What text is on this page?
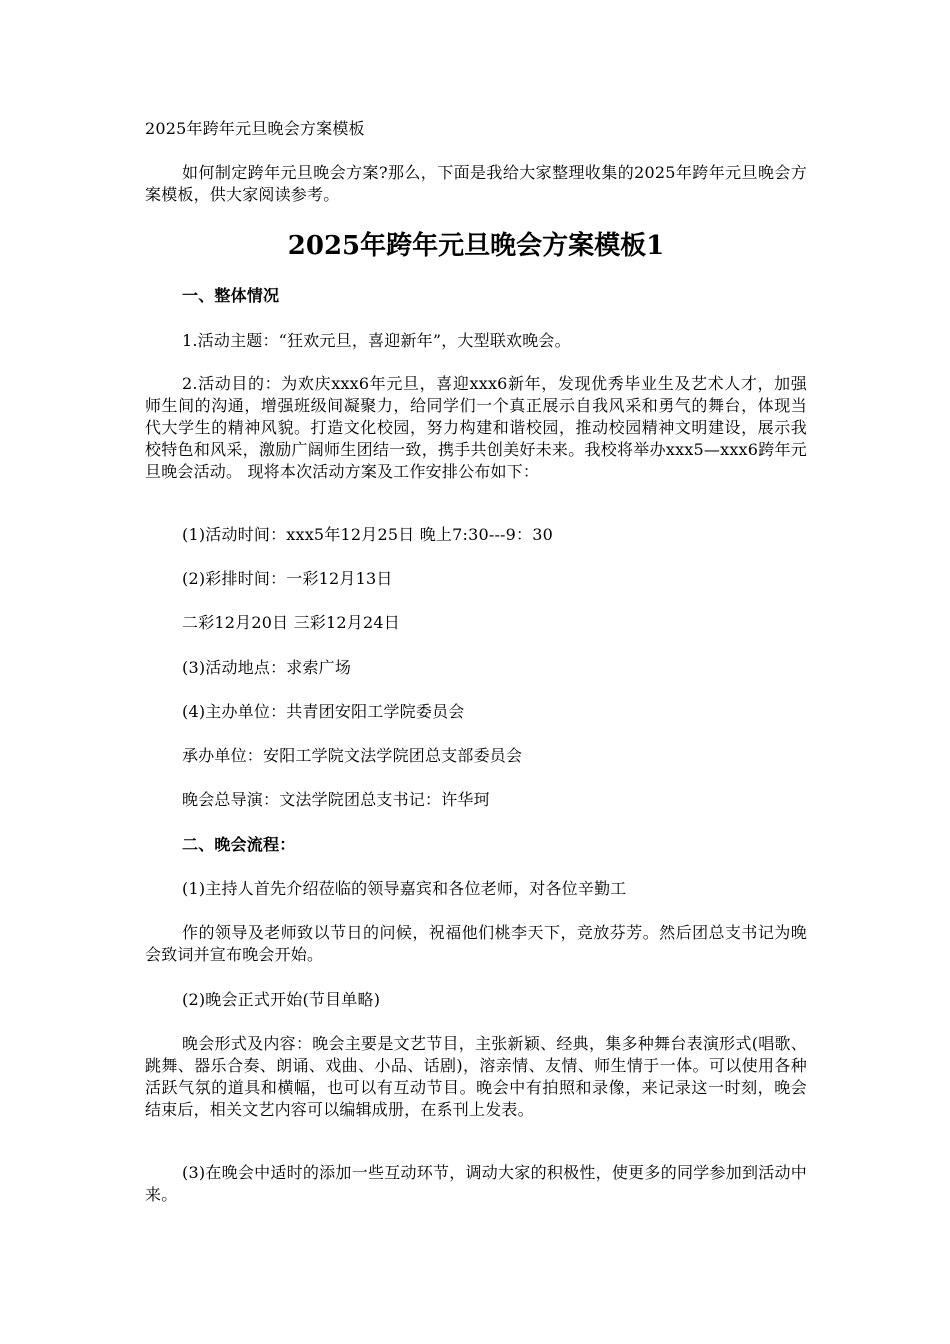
2025年跨年元旦晚会方案模板
如何制定跨年元旦晚会方案?那么，下面是我给大家整理收集的2025年跨年元旦晚会方案模板，供大家阅读参考。
2025年跨年元旦晚会方案模板1
一、整体情况
1.活动主题：“狂欢元旦，喜迎新年”，大型联欢晚会。
2.活动目的：为欢庆xxx6年元旦，喜迎xxx6新年，发现优秀毕业生及艺术人才，加强师生间的沟通，增强班级间凝聚力，给同学们一个真正展示自我风采和勇气的舞台，体现当代大学生的精神风貌。打造文化校园，努力构建和谐校园，推动校园精神文明建设，展示我校特色和风采，激励广阔师生团结一致，携手共创美好未来。我校将举办xxx5—xxx6跨年元旦晚会活动。 现将本次活动方案及工作安排公布如下：
(1)活动时间：xxx5年12月25日 晚上7:30---9：30
(2)彩排时间：一彩12月13日
二彩12月20日 三彩12月24日
(3)活动地点：求索广场
(4)主办单位：共青团安阳工学院委员会
承办单位：安阳工学院文法学院团总支部委员会
晚会总导演：文法学院团总支书记：许华珂
二、晚会流程：
(1)主持人首先介绍莅临的领导嘉宾和各位老师，对各位辛勤工
作的领导及老师致以节日的问候，祝福他们桃李天下，竞放芬芳。然后团总支书记为晚会致词并宣布晚会开始。
(2)晚会正式开始(节目单略)
晚会形式及内容：晚会主要是文艺节目，主张新颖、经典，集多种舞台表演形式(唱歌、跳舞、器乐合奏、朗诵、戏曲、小品、话剧)，溶亲情、友情、师生情于一体。可以使用各种活跃气氛的道具和横幅，也可以有互动节目。晚会中有拍照和录像，来记录这一时刻，晚会结束后，相关文艺内容可以编辑成册，在系刊上发表。
(3)在晚会中适时的添加一些互动环节，调动大家的积极性，使更多的同学参加到活动中来。
